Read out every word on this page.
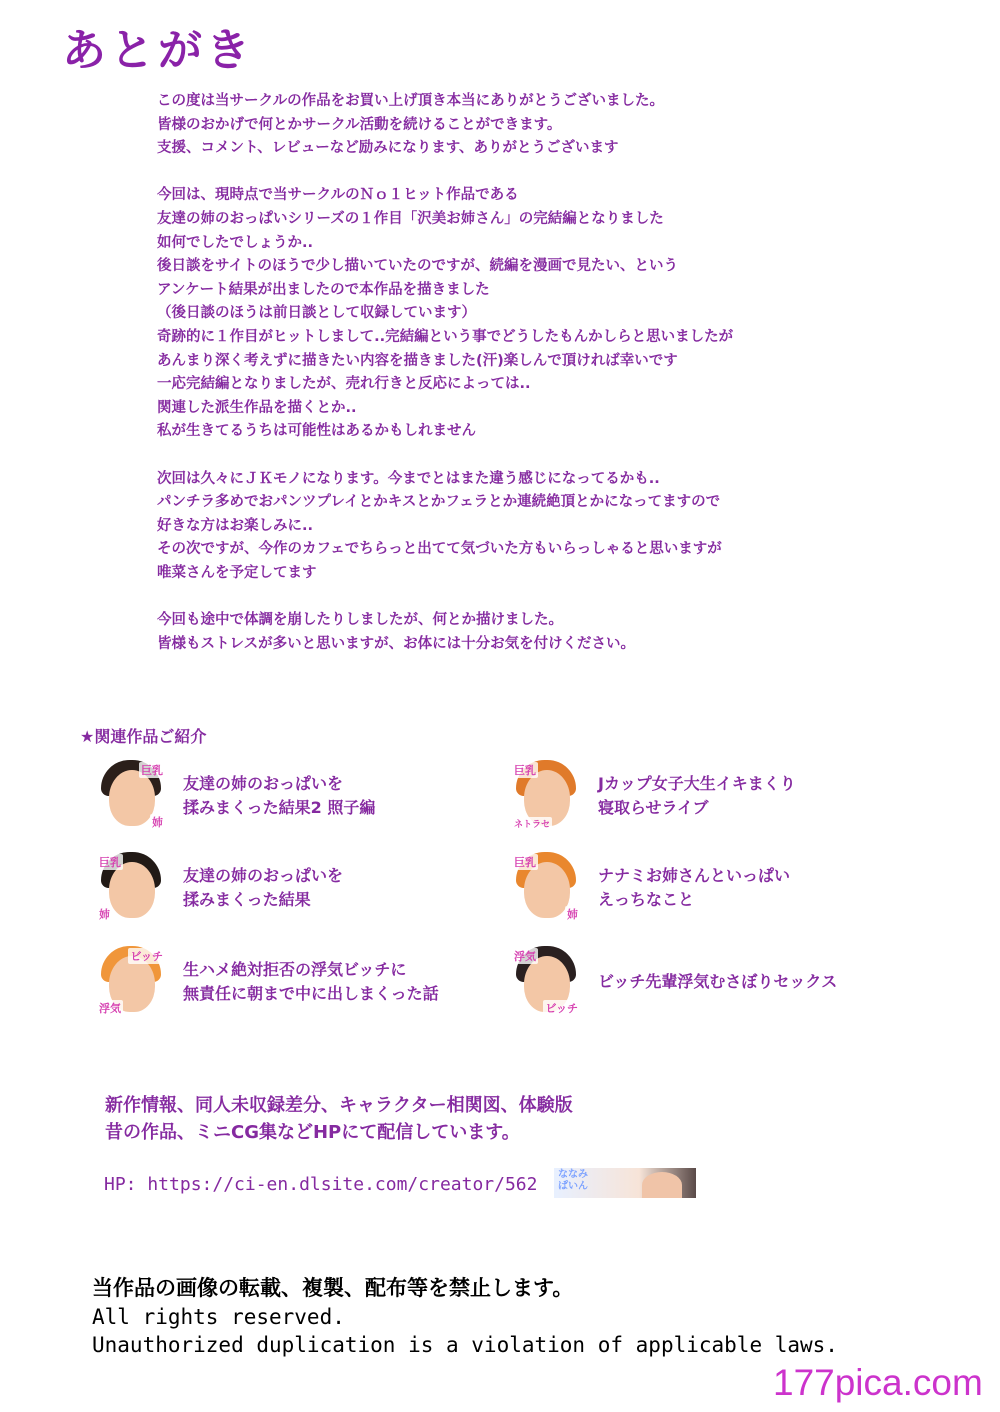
あとがき
この度は当サークルの作品をお買い上げ頂き本当にありがとうございました。
皆様のおかげで何とかサークル活動を続けることができます。
支援、コメント、レビューなど励みになります、ありがとうございます
今回は、現時点で当サークルのＮｏ１ヒット作品である
友達の姉のおっぱいシリーズの１作目「沢美お姉さん」の完結編となりました
如何でしたでしょうか..
後日談をサイトのほうで少し描いていたのですが、続編を漫画で見たい、という
アンケート結果が出ましたので本作品を描きました
（後日談のほうは前日談として収録しています）
奇跡的に１作目がヒットしまして..完結編という事でどうしたもんかしらと思いましたが
あんまり深く考えずに描きたい内容を描きました(汗)楽しんで頂ければ幸いです
一応完結編となりましたが、売れ行きと反応によっては..
関連した派生作品を描くとか..
私が生きてるうちは可能性はあるかもしれません
次回は久々にＪＫモノになります。今までとはまた違う感じになってるかも..
パンチラ多めでおパンツプレイとかキスとかフェラとか連続絶頂とかになってますので
好きな方はお楽しみに..
その次ですが、今作のカフェでちらっと出てて気づいた方もいらっしゃると思いますが
唯菜さんを予定してます
今回も途中で体調を崩したりしましたが、何とか描けました。
皆様もストレスが多いと思いますが、お体には十分お気を付けください。
★関連作品ご紹介
巨乳
姉
友達の姉のおっぱいを
揉みまくった結果2 照子編
巨乳
ネトラセ
Jカップ女子大生イキまくり
寝取らせライブ
巨乳
姉
友達の姉のおっぱいを
揉みまくった結果
巨乳
姉
ナナミお姉さんといっぱい
えっちなこと
ビッチ
浮気
生ハメ絶対拒否の浮気ビッチに
無責任に朝まで中に出しまくった話
浮気
ビッチ
ビッチ先輩浮気むさぼりセックス
新作情報、同人未収録差分、キャラクター相関図、体験版
昔の作品、ミニCG集などHPにて配信しています。
HP: https://ci-en.dlsite.com/creator/562 ななみ
ぱいん
当作品の画像の転載、複製、配布等を禁止します。
All rights reserved.
Unauthorized duplication is a violation of applicable laws.
177pica.com
